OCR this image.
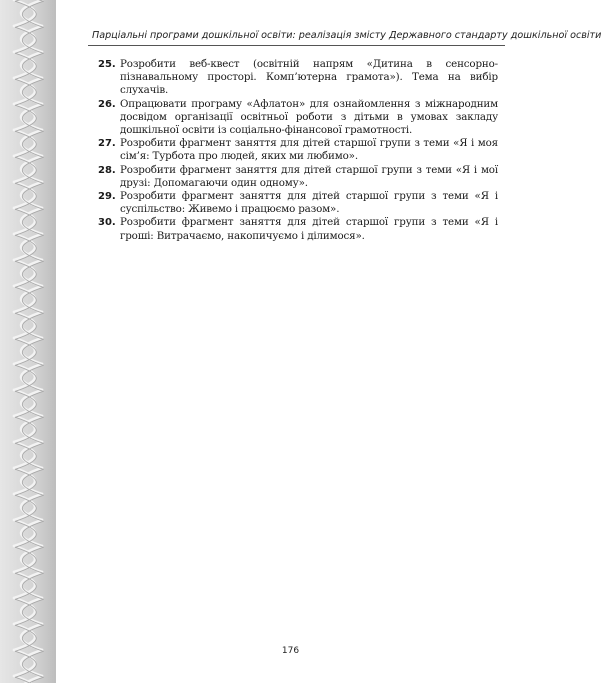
Парціальні програми дошкільної освіти: реалізація змісту Державного стандарту дошкільної освіти
25. Розробити веб-квест (освітній напрям «Дитина в сенсорно-пізнавальному просторі. Комп’ютерна грамота»). Тема на вибір слухачів.
26. Опрацювати програму «Афлатон» для ознайомлення з міжнародним досвідом організації освітньої роботи з дітьми в умовах закладу дошкільної освіти із соціально-фінансової грамотності.
27. Розробити фрагмент заняття для дітей старшої групи з теми «Я і моя сім’я: Турбота про людей, яких ми любимо».
28. Розробити фрагмент заняття для дітей старшої групи з теми «Я і мої друзі: Допомагаючи один одному».
29. Розробити фрагмент заняття для дітей старшої групи з теми «Я і суспільство: Живемо і працюємо разом».
30. Розробити фрагмент заняття для дітей старшої групи з теми «Я і гроші: Витрачаємо, накопичуємо і ділимося».
176
